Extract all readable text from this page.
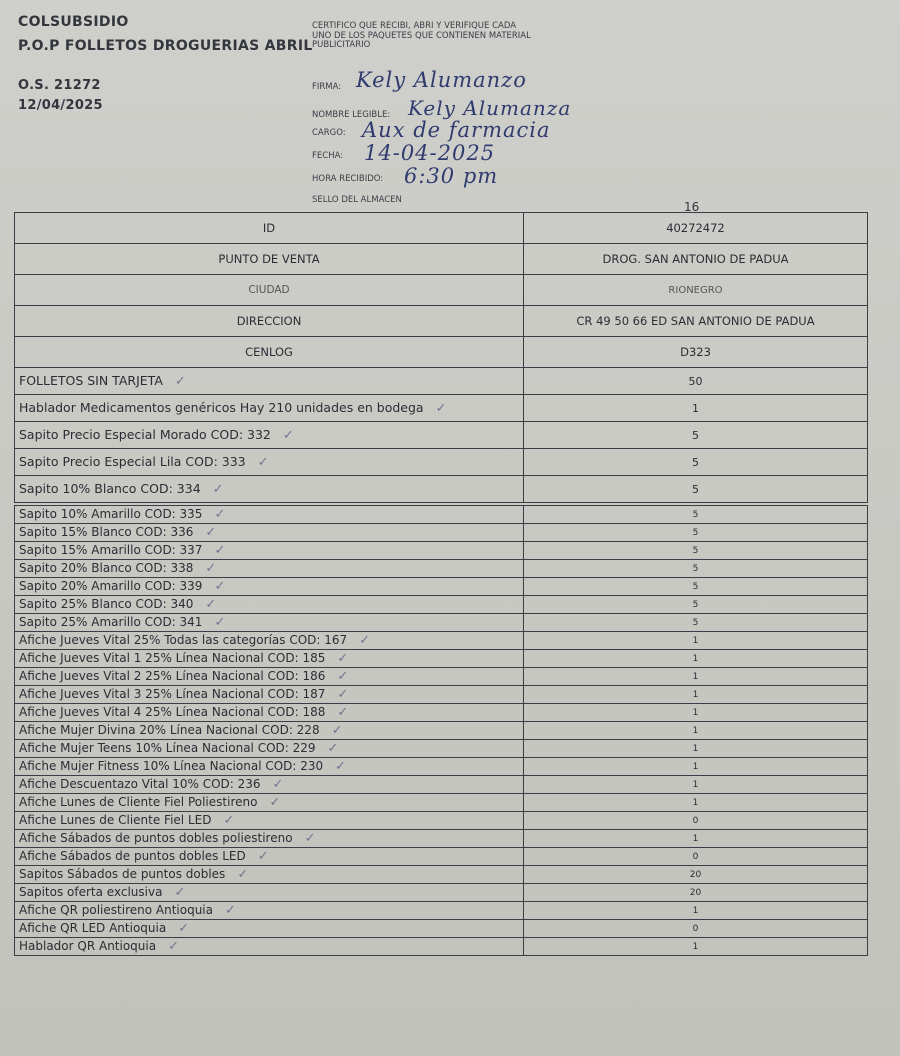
COLSUBSIDIO
P.O.P FOLLETOS DROGUERIAS ABRIL
O.S. 21272
12/04/2025
CERTIFICO QUE RECIBI, ABRI Y VERIFIQUE CADA UNO DE LOS PAQUETES QUE CONTIENEN MATERIAL PUBLICITARIO
FIRMA: Kely Alumanzo
NOMBRE LEGIBLE: Kely Alumanza
CARGO: Aux de farmacia
FECHA: 14-04-2025
HORA RECIBIDO: 6:30 pm
SELLO DEL ALMACEN	16
ID	40272472
PUNTO DE VENTA	DROG. SAN ANTONIO DE PADUA
CIUDAD	RIONEGRO
DIRECCION	CR 49 50 66 ED SAN ANTONIO DE PADUA
CENLOG	D323
FOLLETOS SIN TARJETA ✓	50
Hablador Medicamentos genéricos Hay 210 unidades en bodega ✓	1
Sapito Precio Especial Morado COD: 332 ✓	5
Sapito Precio Especial Lila COD: 333 ✓	5
Sapito 10% Blanco COD: 334 ✓	5
Sapito 10% Amarillo COD: 335 ✓	5
Sapito 15% Blanco COD: 336 ✓	5
Sapito 15% Amarillo COD: 337 ✓	5
Sapito 20% Blanco COD: 338 ✓	5
Sapito 20% Amarillo COD: 339 ✓	5
Sapito 25% Blanco COD: 340 ✓	5
Sapito 25% Amarillo COD: 341 ✓	5
Afiche Jueves Vital 25% Todas las categorías COD: 167 ✓	1
Afiche Jueves Vital 1 25% Línea Nacional COD: 185 ✓	1
Afiche Jueves Vital 2 25% Línea Nacional COD: 186 ✓	1
Afiche Jueves Vital 3 25% Línea Nacional COD: 187 ✓	1
Afiche Jueves Vital 4 25% Línea Nacional COD: 188 ✓	1
Afiche Mujer Divina 20% Línea Nacional COD: 228 ✓	1
Afiche Mujer Teens 10% Línea Nacional COD: 229 ✓	1
Afiche Mujer Fitness 10% Línea Nacional COD: 230 ✓	1
Afiche Descuentazo Vital 10% COD: 236 ✓	1
Afiche Lunes de Cliente Fiel Poliestireno ✓	1
Afiche Lunes de Cliente Fiel LED ✓	0
Afiche Sábados de puntos dobles poliestireno ✓	1
Afiche Sábados de puntos dobles LED ✓	0
Sapitos Sábados de puntos dobles ✓	20
Sapitos oferta exclusiva ✓	20
Afiche QR poliestireno Antioquia ✓	1
Afiche QR LED Antioquia ✓	0
Hablador QR Antioquia ✓	1
